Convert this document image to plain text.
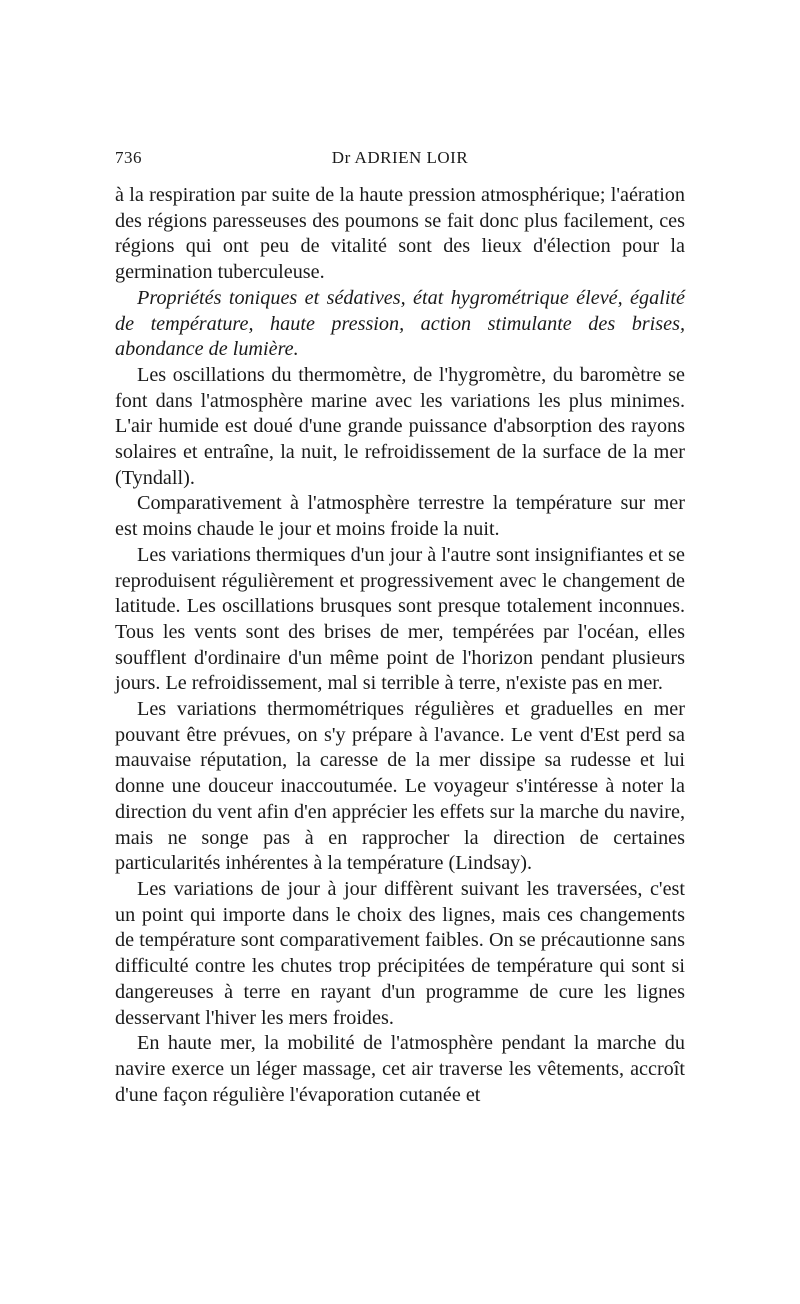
736	Dr ADRIEN LOIR

à la respiration par suite de la haute pression atmosphérique; l'aération des régions paresseuses des poumons se fait donc plus facilement, ces régions qui ont peu de vitalité sont des lieux d'élection pour la germination tuberculeuse.

Propriétés toniques et sédatives, état hygrométrique élevé, égalité de température, haute pression, action stimulante des brises, abondance de lumière.

Les oscillations du thermomètre, de l'hygromètre, du baromètre se font dans l'atmosphère marine avec les variations les plus minimes. L'air humide est doué d'une grande puissance d'absorption des rayons solaires et entraîne, la nuit, le refroidissement de la surface de la mer (Tyndall).

Comparativement à l'atmosphère terrestre la température sur mer est moins chaude le jour et moins froide la nuit.

Les variations thermiques d'un jour à l'autre sont insignifiantes et se reproduisent régulièrement et progressivement avec le changement de latitude. Les oscillations brusques sont presque totalement inconnues. Tous les vents sont des brises de mer, tempérées par l'océan, elles soufflent d'ordinaire d'un même point de l'horizon pendant plusieurs jours. Le refroidissement, mal si terrible à terre, n'existe pas en mer.

Les variations thermométriques régulières et graduelles en mer pouvant être prévues, on s'y prépare à l'avance. Le vent d'Est perd sa mauvaise réputation, la caresse de la mer dissipe sa rudesse et lui donne une douceur inaccoutumée. Le voyageur s'intéresse à noter la direction du vent afin d'en apprécier les effets sur la marche du navire, mais ne songe pas à en rapprocher la direction de certaines particularités inhérentes à la température (Lindsay).

Les variations de jour à jour diffèrent suivant les traversées, c'est un point qui importe dans le choix des lignes, mais ces changements de température sont comparativement faibles. On se précautionne sans difficulté contre les chutes trop précipitées de température qui sont si dangereuses à terre en rayant d'un programme de cure les lignes desservant l'hiver les mers froides.

En haute mer, la mobilité de l'atmosphère pendant la marche du navire exerce un léger massage, cet air traverse les vêtements, accroît d'une façon régulière l'évaporation cutanée et
